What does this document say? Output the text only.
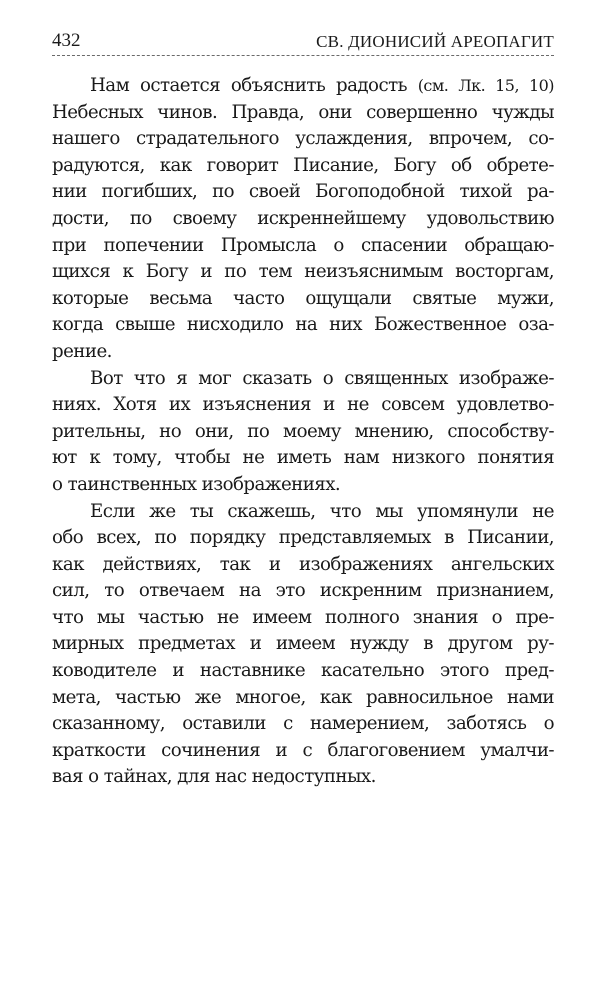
432	СВ. ДИОНИСИЙ АРЕОПАГИТ

Нам остается объяснить радость (см. Лк. 15, 10)
Небесных чинов. Правда, они совершенно чужды
нашего страдательного услаждения, впрочем, со-
радуются, как говорит Писание, Богу об обрете-
нии погибших, по своей Богоподобной тихой ра-
дости, по своему искреннейшему удовольствию
при попечении Промысла о спасении обращаю-
щихся к Богу и по тем неизъяснимым восторгам,
которые весьма часто ощущали святые мужи,
когда свыше нисходило на них Божественное оза-
рение.

Вот что я мог сказать о священных изображе-
ниях. Хотя их изъяснения и не совсем удовлетво-
рительны, но они, по моему мнению, способству-
ют к тому, чтобы не иметь нам низкого понятия
о таинственных изображениях.

Если же ты скажешь, что мы упомянули не
обо всех, по порядку представляемых в Писании,
как действиях, так и изображениях ангельских
сил, то отвечаем на это искренним признанием,
что мы частью не имеем полного знания о пре-
мирных предметах и имеем нужду в другом ру-
ководителе и наставнике касательно этого пред-
мета, частью же многое, как равносильное нами
сказанному, оставили с намерением, заботясь о
краткости сочинения и с благоговением умалчи-
вая о тайнах, для нас недоступных.
